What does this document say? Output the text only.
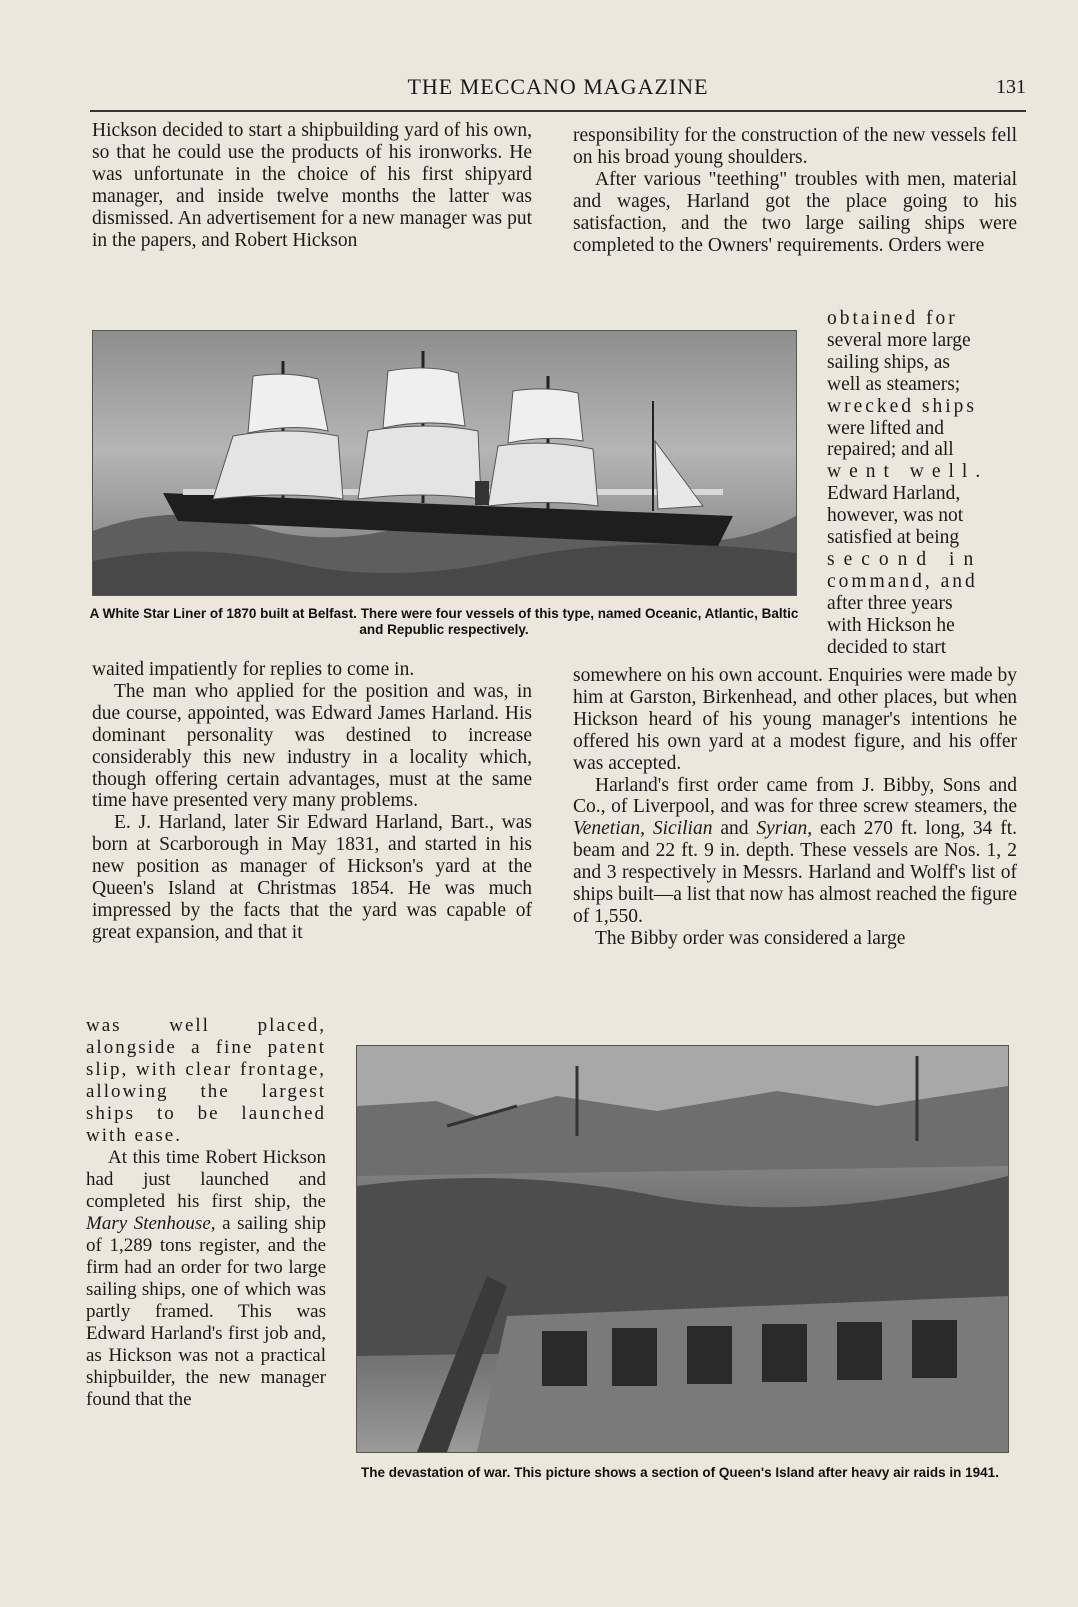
THE MECCANO MAGAZINE	131

Hickson decided to start a shipbuilding yard of his own, so that he could use the products of his ironworks. He was unfortunate in the choice of his first shipyard manager, and inside twelve months the latter was dismissed. An advertisement for a new manager was put in the papers, and Robert Hickson

responsibility for the construction of the new vessels fell on his broad young shoulders.

After various "teething" troubles with men, material and wages, Harland got the place going to his satisfaction, and the two large sailing ships were completed to the Owners' requirements. Orders were

obtained for
several more large
sailing ships, as
well as steamers;
wrecked ships
were lifted and
repaired; and all
went well.
Edward Harland,
however, was not
satisfied at being
second in
command, and
after three years
with Hickson he
decided to start
A White Star Liner of 1870 built at Belfast. There were four vessels of this type, named Oceanic, Atlantic, Baltic and Republic respectively.

waited impatiently for replies to come in.

The man who applied for the position and was, in due course, appointed, was Edward James Harland. His dominant personality was destined to increase considerably this new industry in a locality which, though offering certain advantages, must at the same time have presented very many problems.

E. J. Harland, later Sir Edward Harland, Bart., was born at Scarborough in May 1831, and started in his new position as manager of Hickson's yard at the Queen's Island at Christmas 1854. He was much impressed by the facts that the yard was capable of great expansion, and that it

somewhere on his own account. Enquiries were made by him at Garston, Birkenhead, and other places, but when Hickson heard of his young manager's intentions he offered his own yard at a modest figure, and his offer was accepted.

Harland's first order came from J. Bibby, Sons and Co., of Liverpool, and was for three screw steamers, the Venetian, Sicilian and Syrian, each 270 ft. long, 34 ft. beam and 22 ft. 9 in. depth. These vessels are Nos. 1, 2 and 3 respectively in Messrs. Harland and Wolff's list of ships built—a list that now has almost reached the figure of 1,550.

The Bibby order was considered a large

was well placed, alongside a fine patent slip, with clear frontage, allowing the largest ships to be launched with ease.

At this time Robert Hickson had just launched and completed his first ship, the Mary Stenhouse, a sailing ship of 1,289 tons register, and the firm had an order for two large sailing ships, one of which was partly framed. This was Edward Harland's first job and, as Hickson was not a practical shipbuilder, the new manager found that the

The devastation of war. This picture shows a section of Queen's Island after heavy air raids in 1941.
